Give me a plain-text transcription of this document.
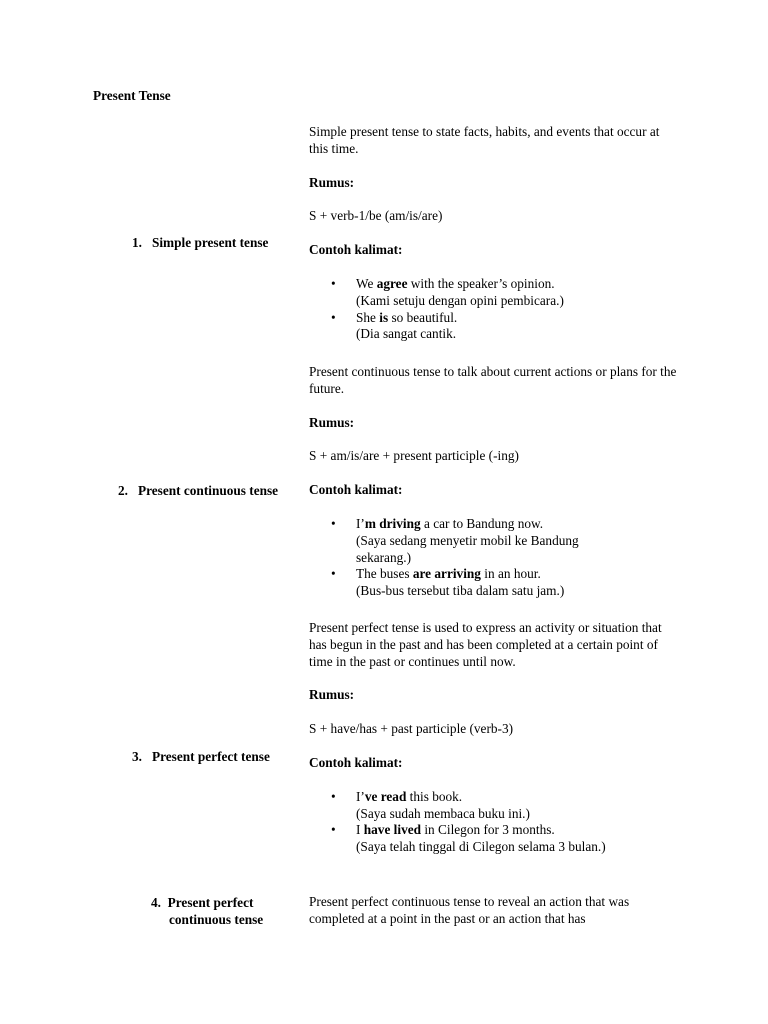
Present Tense
1. Simple present tense

Simple present tense to state facts, habits, and events that occur at this time.

Rumus:

S + verb-1/be (am/is/are)

Contoh kalimat:

• We agree with the speaker’s opinion.
(Kami setuju dengan opini pembicara.)
• She is so beautiful.
(Dia sangat cantik.
2. Present continuous tense

Present continuous tense to talk about current actions or plans for the future.

Rumus:

S + am/is/are + present participle (-ing)

Contoh kalimat:

• I’m driving a car to Bandung now.
(Saya sedang menyetir mobil ke Bandung sekarang.)
• The buses are arriving in an hour.
(Bus-bus tersebut tiba dalam satu jam.)
3. Present perfect tense

Present perfect tense is used to express an activity or situation that has begun in the past and has been completed at a certain point of time in the past or continues until now.

Rumus:

S + have/has + past participle (verb-3)

Contoh kalimat:

• I’ve read this book.
(Saya sudah membaca buku ini.)
• I have lived in Cilegon for 3 months.
(Saya telah tinggal di Cilegon selama 3 bulan.)
4. Present perfect
continuous tense

Present perfect continuous tense to reveal an action that was completed at a point in the past or an action that has
